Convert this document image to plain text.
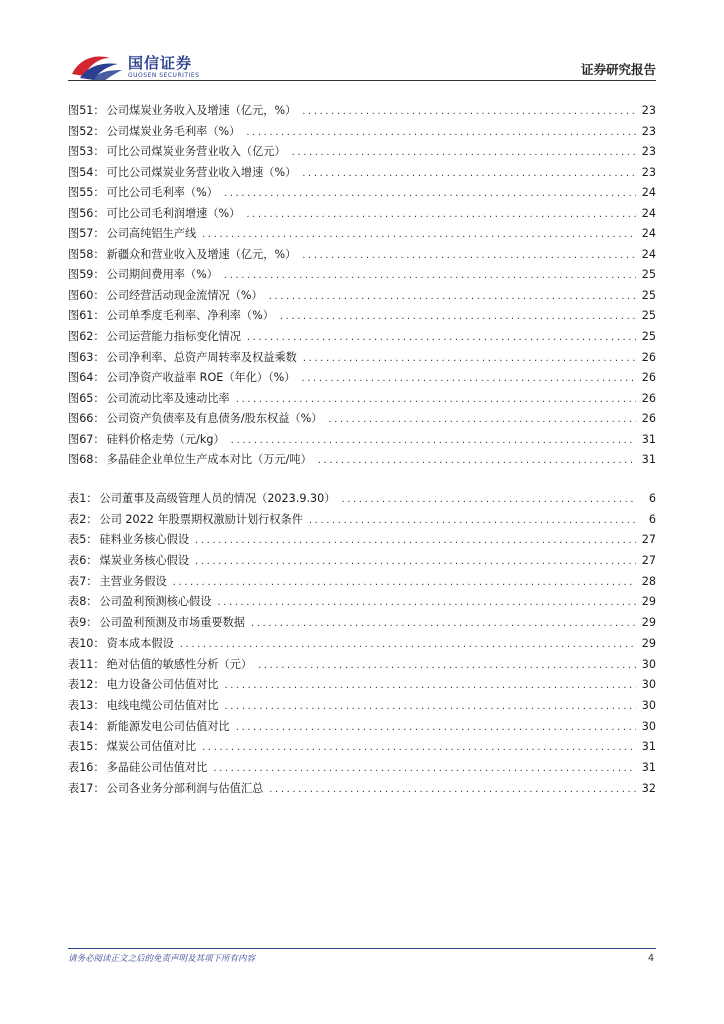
国信证券
GUOSEN SECURITIES	证券研究报告
图51： 公司煤炭业务收入及增速（亿元，%） .....	23
图52： 公司煤炭业务毛利率（%） .....	23
图53： 可比公司煤炭业务营业收入（亿元） .....	23
图54： 可比公司煤炭业务营业收入增速（%） .....	23
图55： 可比公司毛利率（%） .....	24
图56： 可比公司毛利润增速（%） .....	24
图57： 公司高纯铝生产线 .....	24
图58： 新疆众和营业收入及增速（亿元，%） .....	24
图59： 公司期间费用率（%） .....	25
图60： 公司经营活动现金流情况（%） .....	25
图61： 公司单季度毛利率、净利率（%） .....	25
图62： 公司运营能力指标变化情况 .....	25
图63： 公司净利率、总资产周转率及权益乘数 .....	26
图64： 公司净资产收益率 ROE（年化）（%） .....	26
图65： 公司流动比率及速动比率 .....	26
图66： 公司资产负债率及有息债务/股东权益（%） .....	26
图67： 硅料价格走势（元/kg） .....	31
图68： 多晶硅企业单位生产成本对比（万元/吨） .....	31
表1： 公司董事及高级管理人员的情况（2023.9.30） .....	6
表2： 公司 2022 年股票期权激励计划行权条件 .....	6
表5： 硅料业务核心假设 .....	27
表6： 煤炭业务核心假设 .....	27
表7： 主营业务假设 .....	28
表8： 公司盈利预测核心假设 .....	29
表9： 公司盈利预测及市场重要数据 .....	29
表10： 资本成本假设 .....	29
表11： 绝对估值的敏感性分析（元） .....	30
表12： 电力设备公司估值对比 .....	30
表13： 电线电缆公司估值对比 .....	30
表14： 新能源发电公司估值对比 .....	30
表15： 煤炭公司估值对比 .....	31
表16： 多晶硅公司估值对比 .....	31
表17： 公司各业务分部利润与估值汇总 .....	32
请务必阅读正文之后的免责声明及其项下所有内容	4
